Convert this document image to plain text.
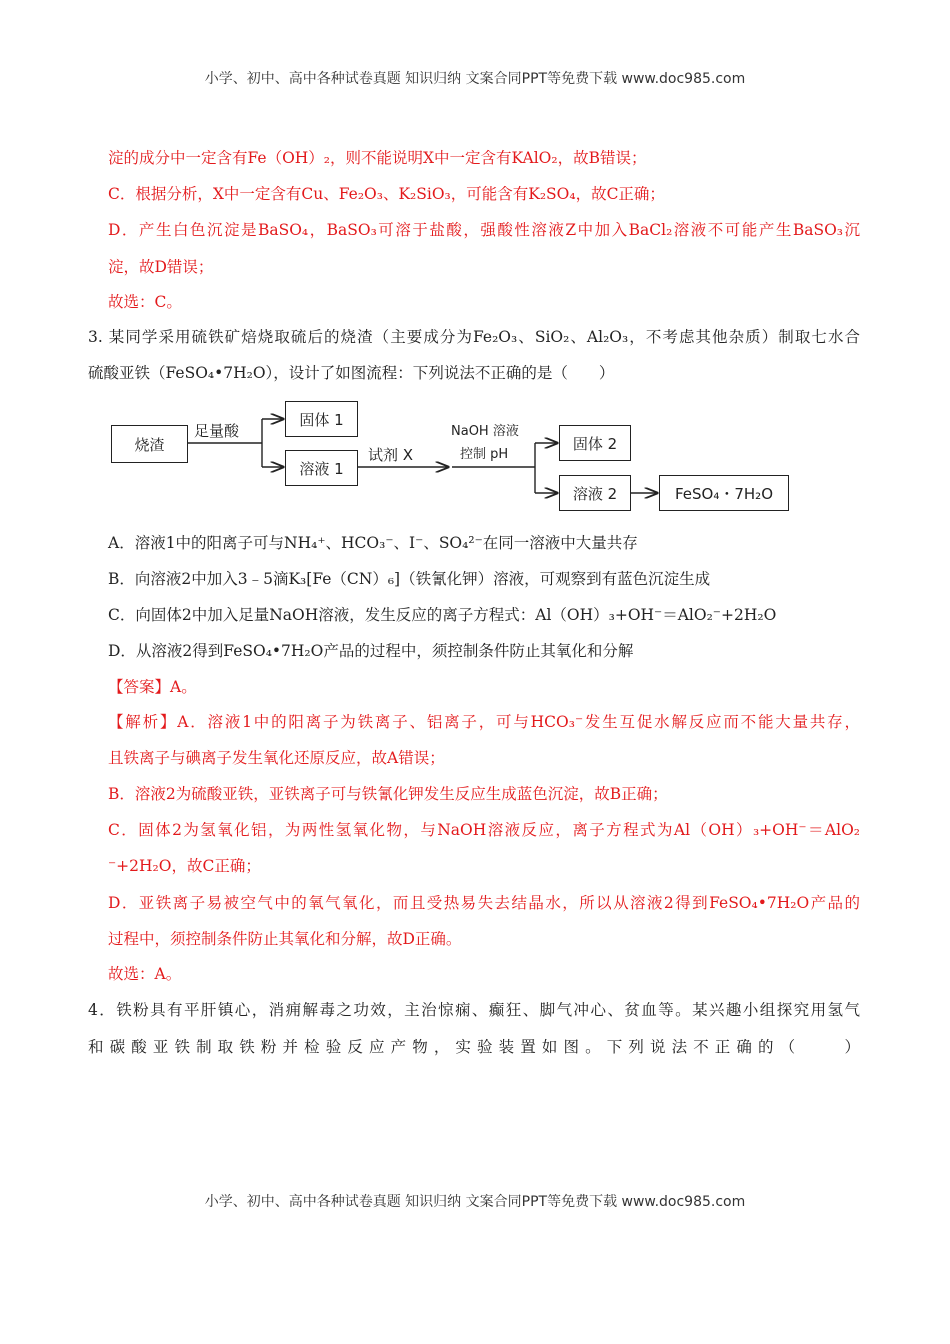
小学、初中、高中各种试卷真题 知识归纳 文案合同PPT等免费下载 www.doc985.com
淀的成分中一定含有Fe（OH）₂，则不能说明X中一定含有KAlO₂，故B错误；
C．根据分析，X中一定含有Cu、Fe₂O₃、K₂SiO₃，可能含有K₂SO₄，故C正确；
D．产生白色沉淀是BaSO₄，BaSO₃可溶于盐酸，强酸性溶液Z中加入BaCl₂溶液不可能产生BaSO₃沉
淀，故D错误；
故选：C。
3. 某同学采用硫铁矿焙烧取硫后的烧渣（主要成分为Fe₂O₃、SiO₂、Al₂O₃，不考虑其他杂质）制取七水合
硫酸亚铁（FeSO₄•7H₂O），设计了如图流程：下列说法不正确的是（　　）
烧渣
足量酸
固体 1
溶液 1
试剂 X
NaOH 溶液
控制 pH
固体 2
溶液 2	FeSO₄・7H₂O
A．溶液1中的阳离子可与NH₄⁺、HCO₃⁻、I⁻、SO₄²⁻在同一溶液中大量共存
B．向溶液2中加入3﹣5滴K₃[Fe（CN）₆]（铁氰化钾）溶液，可观察到有蓝色沉淀生成
C．向固体2中加入足量NaOH溶液，发生反应的离子方程式：Al（OH）₃+OH⁻＝AlO₂⁻+2H₂O
D．从溶液2得到FeSO₄•7H₂O产品的过程中，须控制条件防止其氧化和分解
【答案】A。
【解析】A．溶液1中的阳离子为铁离子、铝离子，可与HCO₃⁻发生互促水解反应而不能大量共存，
且铁离子与碘离子发生氧化还原反应，故A错误；
B．溶液2为硫酸亚铁，亚铁离子可与铁氰化钾发生反应生成蓝色沉淀，故B正确；
C．固体2为氢氧化铝，为两性氢氧化物，与NaOH溶液反应，离子方程式为Al（OH）₃+OH⁻＝AlO₂
⁻+2H₂O，故C正确；
D．亚铁离子易被空气中的氧气氧化，而且受热易失去结晶水，所以从溶液2得到FeSO₄•7H₂O产品的
过程中，须控制条件防止其氧化和分解，故D正确。
故选：A。
4．铁粉具有平肝镇心，消痈解毒之功效，主治惊痫、癫狂、脚气冲心、贫血等。某兴趣小组探究用氢气
和碳酸亚铁制取铁粉并检验反应产物，实验装置如图。下列说法不正确的（　　）
小学、初中、高中各种试卷真题 知识归纳 文案合同PPT等免费下载 www.doc985.com
